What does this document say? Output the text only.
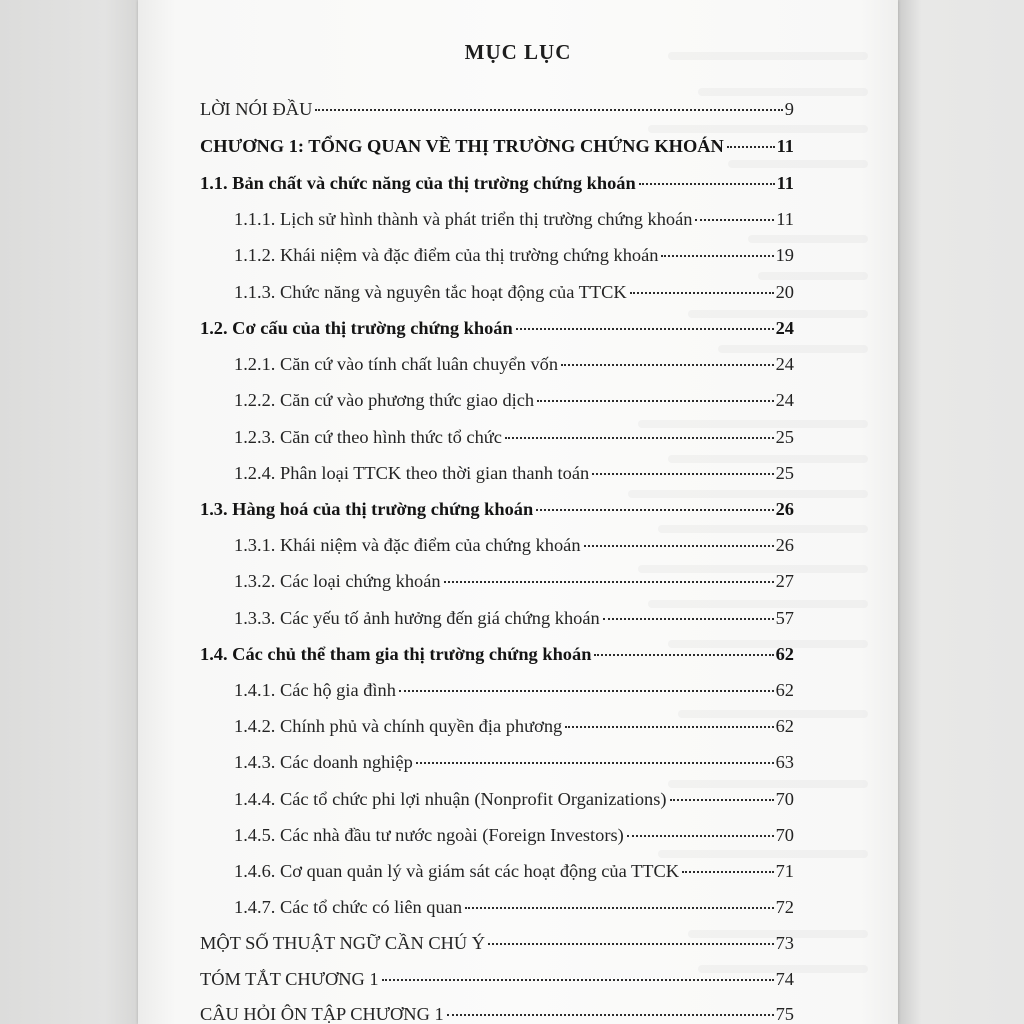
MỤC LỤC
LỜI NÓI ĐẦU	9
CHƯƠNG 1: TỔNG QUAN VỀ THỊ TRƯỜNG CHỨNG KHOÁN	11
1.1. Bản chất và chức năng của thị trường chứng khoán	11
1.1.1. Lịch sử hình thành và phát triển thị trường chứng khoán	11
1.1.2. Khái niệm và đặc điểm của thị trường chứng khoán	19
1.1.3. Chức năng và nguyên tắc hoạt động của TTCK	20
1.2. Cơ cấu của thị trường chứng khoán	24
1.2.1. Căn cứ vào tính chất luân chuyển vốn	24
1.2.2. Căn cứ vào phương thức giao dịch	24
1.2.3. Căn cứ theo hình thức tổ chức	25
1.2.4. Phân loại TTCK theo thời gian thanh toán	25
1.3. Hàng hoá của thị trường chứng khoán	26
1.3.1. Khái niệm và đặc điểm của chứng khoán	26
1.3.2. Các loại chứng khoán	27
1.3.3. Các yếu tố ảnh hưởng đến giá chứng khoán	57
1.4. Các chủ thể tham gia thị trường chứng khoán	62
1.4.1. Các hộ gia đình	62
1.4.2. Chính phủ và chính quyền địa phương	62
1.4.3. Các doanh nghiệp	63
1.4.4. Các tổ chức phi lợi nhuận (Nonprofit Organizations)	70
1.4.5. Các nhà đầu tư nước ngoài (Foreign Investors)	70
1.4.6. Cơ quan quản lý và giám sát các hoạt động của TTCK	71
1.4.7. Các tổ chức có liên quan	72
MỘT SỐ THUẬT NGỮ CẦN CHÚ Ý	73
TÓM TẮT CHƯƠNG 1	74
CÂU HỎI ÔN TẬP CHƯƠNG 1	75
